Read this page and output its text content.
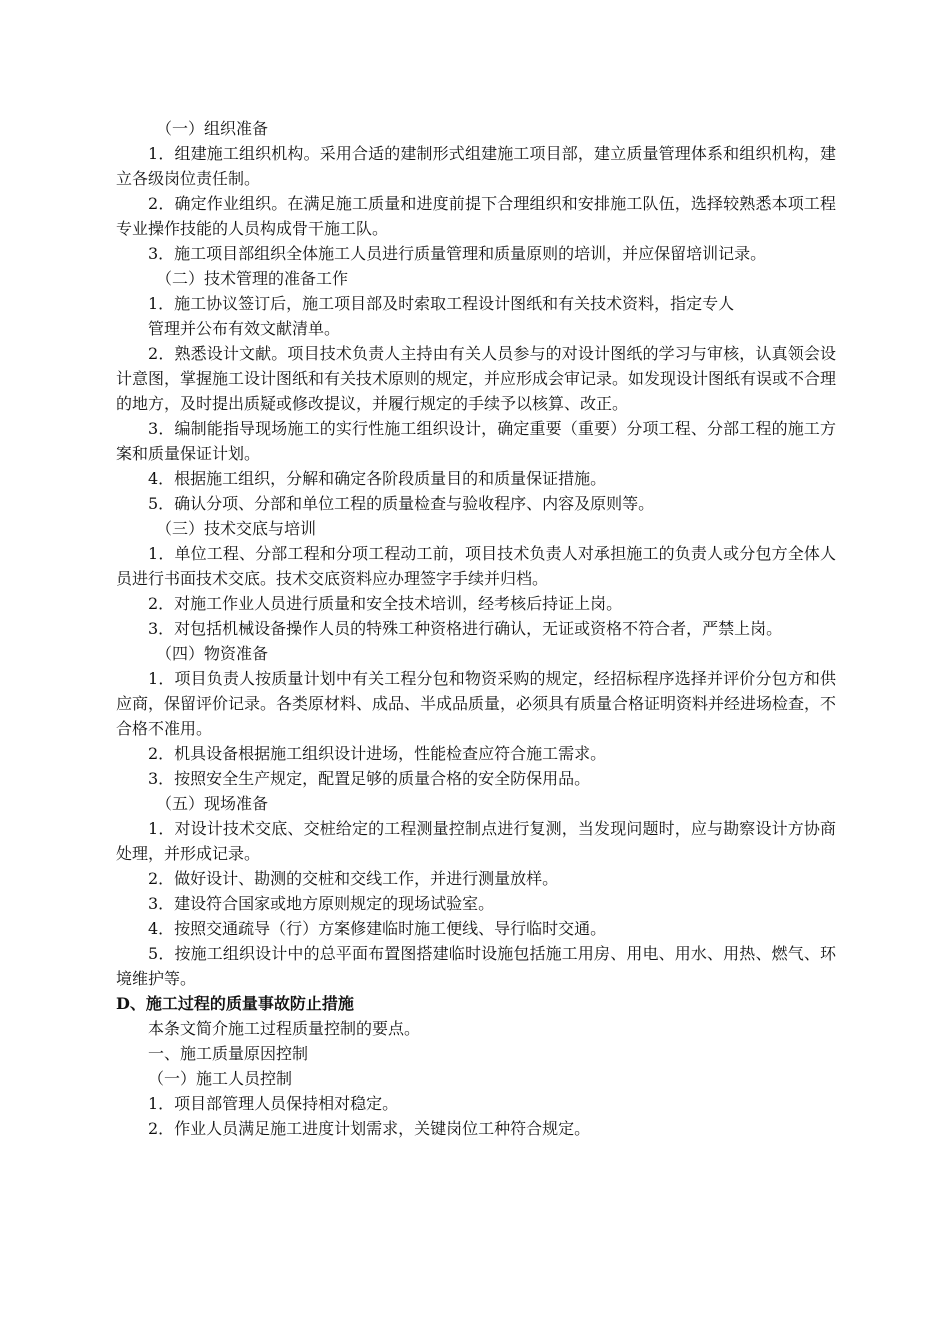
（一）组织准备

1．组建施工组织机构。采用合适的建制形式组建施工项目部，建立质量管理体系和组织机构，建立各级岗位责任制。

2．确定作业组织。在满足施工质量和进度前提下合理组织和安排施工队伍，选择较熟悉本项工程专业操作技能的人员构成骨干施工队。

3．施工项目部组织全体施工人员进行质量管理和质量原则的培训，并应保留培训记录。

（二）技术管理的准备工作

1．施工协议签订后，施工项目部及时索取工程设计图纸和有关技术资料，指定专人

管理并公布有效文献清单。

2．熟悉设计文献。项目技术负责人主持由有关人员参与的对设计图纸的学习与审核，认真领会设计意图，掌握施工设计图纸和有关技术原则的规定，并应形成会审记录。如发现设计图纸有误或不合理的地方，及时提出质疑或修改提议，并履行规定的手续予以核算、改正。

3．编制能指导现场施工的实行性施工组织设计，确定重要（重要）分项工程、分部工程的施工方案和质量保证计划。

4．根据施工组织，分解和确定各阶段质量目的和质量保证措施。

5．确认分项、分部和单位工程的质量检查与验收程序、内容及原则等。

（三）技术交底与培训

1．单位工程、分部工程和分项工程动工前，项目技术负责人对承担施工的负责人或分包方全体人员进行书面技术交底。技术交底资料应办理签字手续并归档。

2．对施工作业人员进行质量和安全技术培训，经考核后持证上岗。

3．对包括机械设备操作人员的特殊工种资格进行确认，无证或资格不符合者，严禁上岗。

（四）物资准备

1．项目负责人按质量计划中有关工程分包和物资采购的规定，经招标程序选择并评价分包方和供应商，保留评价记录。各类原材料、成品、半成品质量，必须具有质量合格证明资料并经进场检查，不合格不准用。

2．机具设备根据施工组织设计进场，性能检查应符合施工需求。

3．按照安全生产规定，配置足够的质量合格的安全防保用品。

（五）现场准备

1．对设计技术交底、交桩给定的工程测量控制点进行复测，当发现问题时，应与勘察设计方协商处理，并形成记录。

2．做好设计、勘测的交桩和交线工作，并进行测量放样。

3．建设符合国家或地方原则规定的现场试验室。

4．按照交通疏导（行）方案修建临时施工便线、导行临时交通。

5．按施工组织设计中的总平面布置图搭建临时设施包括施工用房、用电、用水、用热、燃气、环境维护等。

D、施工过程的质量事故防止措施

本条文简介施工过程质量控制的要点。

一、施工质量原因控制

（一）施工人员控制

1．项目部管理人员保持相对稳定。

2．作业人员满足施工进度计划需求，关键岗位工种符合规定。
